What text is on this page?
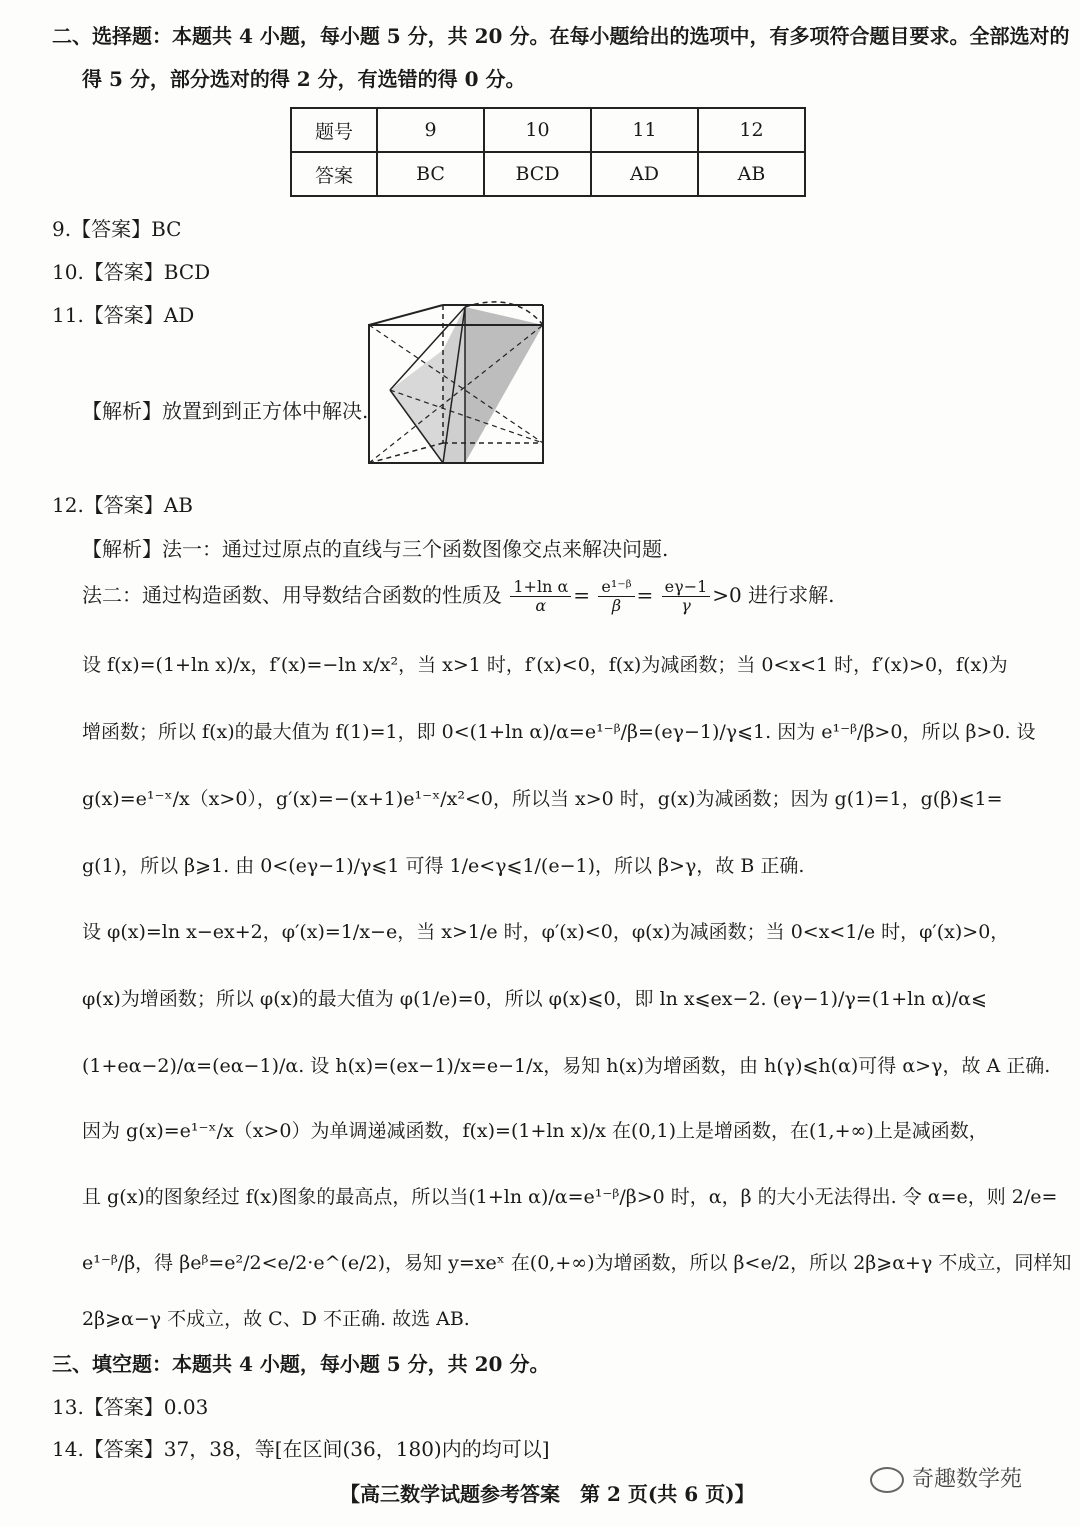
二、选择题：本题共 4 小题，每小题 5 分，共 20 分。在每小题给出的选项中，有多项符合题目要求。全部选对的
得 5 分，部分选对的得 2 分，有选错的得 0 分。
题号	9	10	11	12
答案	BC	BCD	AD	AB
9.【答案】BC
10.【答案】BCD
11.【答案】AD
【解析】放置到到正方体中解决.
12.【答案】AB
【解析】法一：通过过原点的直线与三个函数图像交点来解决问题.
法二：通过构造函数、用导数结合函数的性质及 $\frac{\text{1+ln α}}{\alpha} = \frac{\text{e¹⁻ᵝ}}{\beta} = \frac{e\gamma-1}{\gamma} >0$ 进行求解.
设 f(x)=(1+ln x)/x，f′(x)=−ln x/x²，当 x>1 时，f′(x)<0，f(x)为减函数；当 0<x<1 时，f′(x)>0，f(x)为
增函数；所以 f(x)的最大值为 f(1)=1，即 0<(1+ln α)/α=e¹⁻ᵝ/β=(eγ−1)/γ⩽1. 因为 e¹⁻ᵝ/β>0，所以 β>0. 设
g(x)=e¹⁻ˣ/x（x>0），g′(x)=−(x+1)e¹⁻ˣ/x²<0，所以当 x>0 时，g(x)为减函数；因为 g(1)=1，g(β)⩽1=
g(1)，所以 β⩾1. 由 0<(eγ−1)/γ⩽1 可得 1/e<γ⩽1/(e−1)，所以 β>γ，故 B 正确.
设 φ(x)=ln x−ex+2，φ′(x)=1/x−e，当 x>1/e 时，φ′(x)<0，φ(x)为减函数；当 0<x<1/e 时，φ′(x)>0，
φ(x)为增函数；所以 φ(x)的最大值为 φ(1/e)=0，所以 φ(x)⩽0，即 ln x⩽ex−2. (eγ−1)/γ=(1+ln α)/α⩽
(1+eα−2)/α=(eα−1)/α. 设 h(x)=(ex−1)/x=e−1/x，易知 h(x)为增函数，由 h(γ)⩽h(α)可得 α>γ，故 A 正确.
因为 g(x)=e¹⁻ˣ/x（x>0）为单调递减函数，f(x)=(1+ln x)/x 在(0,1)上是增函数，在(1,+∞)上是减函数，
且 g(x)的图象经过 f(x)图象的最高点，所以当(1+ln α)/α=e¹⁻ᵝ/β>0 时，α，β 的大小无法得出. 令 α=e，则 2/e=
e¹⁻ᵝ/β，得 βeᵝ=e²/2<e/2·e^(e/2)，易知 y=xeˣ 在(0,+∞)为增函数，所以 β<e/2，所以 2β⩾α+γ 不成立，同样知
2β⩾α−γ 不成立，故 C、D 不正确. 故选 AB.
三、填空题：本题共 4 小题，每小题 5 分，共 20 分。
13.【答案】0.03
14.【答案】37，38，等[在区间(36，180)内的均可以]
【高三数学试题参考答案　第 2 页(共 6 页)】
奇趣数学苑
